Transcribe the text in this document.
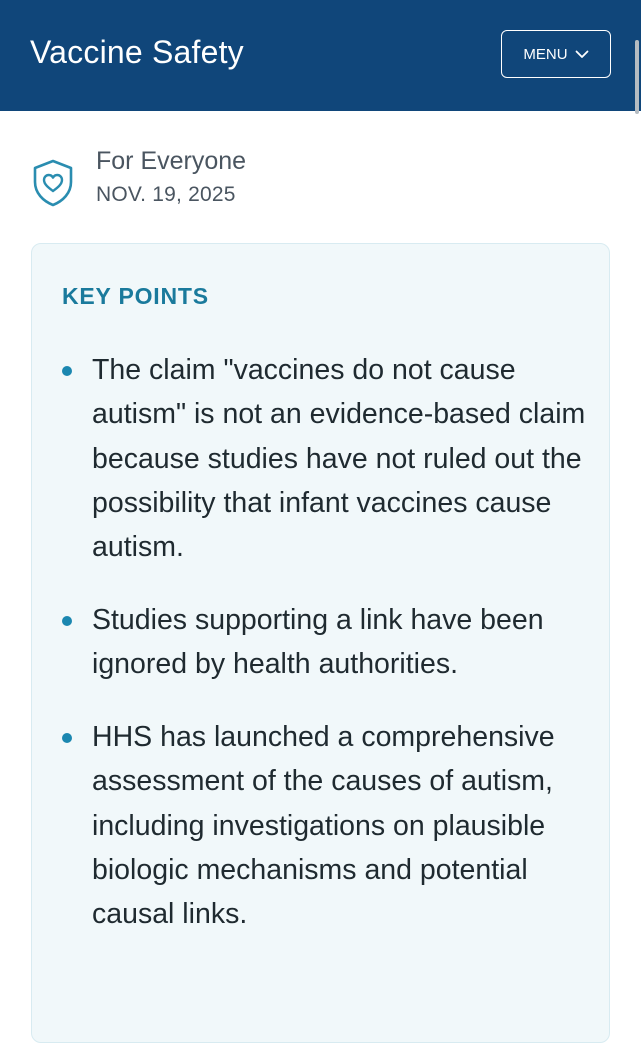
Vaccine Safety	MENU
For Everyone
NOV. 19, 2025
KEY POINTS
The claim "vaccines do not cause autism" is not an evidence-based claim because studies have not ruled out the possibility that infant vaccines cause autism.
Studies supporting a link have been ignored by health authorities.
HHS has launched a comprehensive assessment of the causes of autism, including investigations on plausible biologic mechanisms and potential causal links.
